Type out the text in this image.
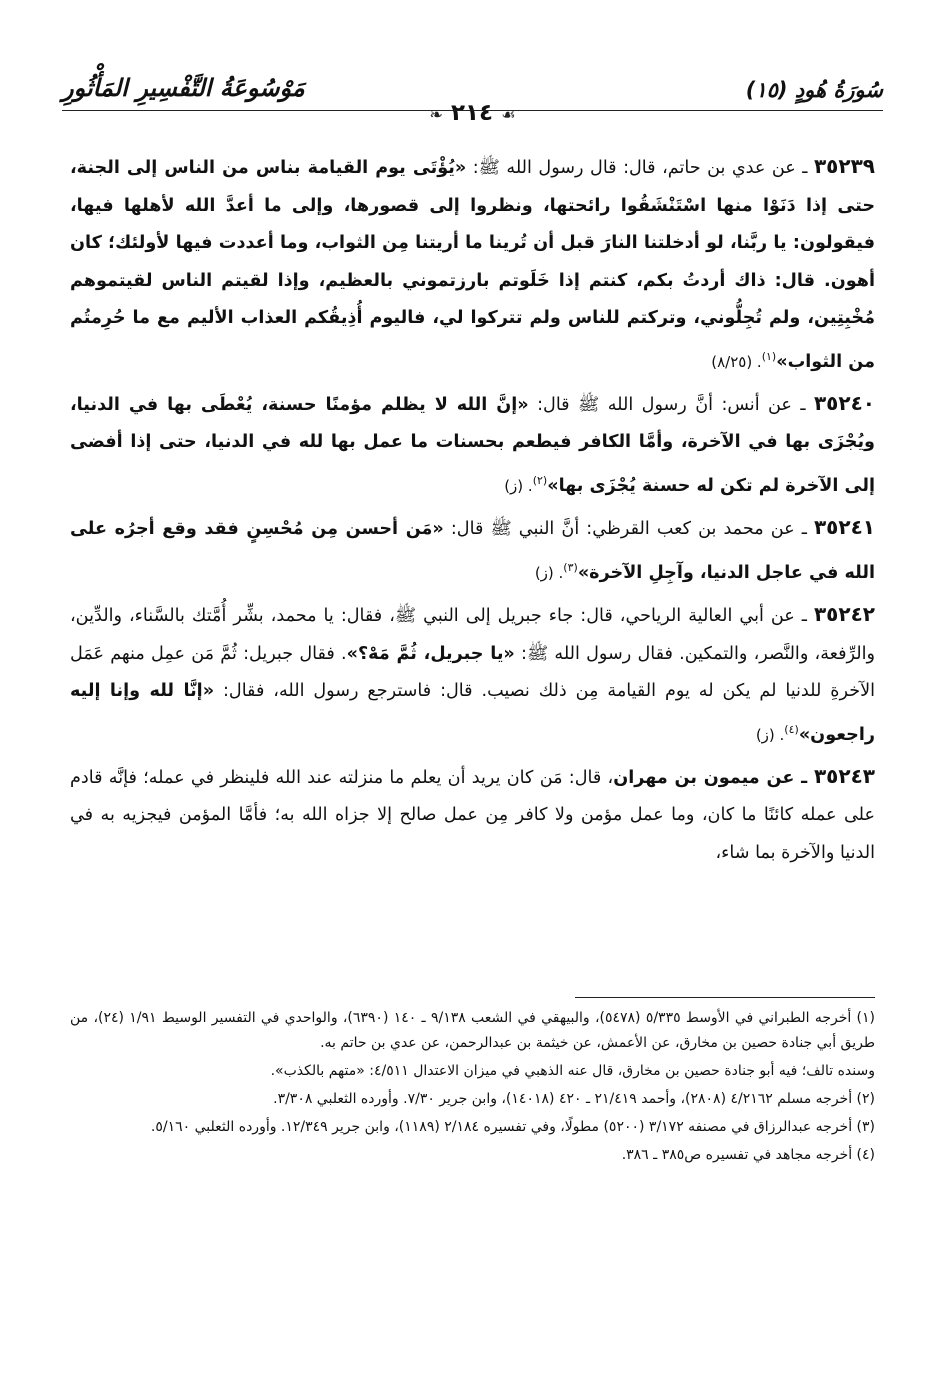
سُورَةُ هُودٍ (١٥)
مَوْسُوعَةُ التَّفْسِيرِ المَأْثُورِ
☙ ٢١٤ ❧

٣٥٢٣٩ ـ عن عدي بن حاتم، قال: قال رسول الله ﷺ: «يُؤْتَى يوم القيامة بناس من الناس إلى الجنة، حتى إذا دَنَوْا منها اسْتَنْشَقُوا رائحتها، ونظروا إلى قصورها، وإلى ما أعدَّ الله لأهلها فيها، فيقولون: يا ربَّنا، لو أدخلتنا النارَ قبل أن تُرينا ما أريتنا مِن الثواب، وما أعددت فيها لأولئك؛ كان أهون. قال: ذاك أردتُ بكم، كنتم إذا خَلَوتم بارزتموني بالعظيم، وإذا لقيتم الناس لقيتموهم مُخْبِتِين، ولم تُجِلُّوني، وتركتم للناس ولم تتركوا لي، فاليوم أُذِيقُكم العذاب الأليم مع ما حُرِمتُم من الثواب»$^{(١)}$. (٨/٢٥)

٣٥٢٤٠ ـ عن أنس: أنَّ رسول الله ﷺ قال: «إنَّ الله لا يظلم مؤمنًا حسنة، يُعْطَى بها في الدنيا، ويُجْزَى بها في الآخرة، وأمَّا الكافر فيطعم بحسنات ما عمل بها لله في الدنيا، حتى إذا أفضى إلى الآخرة لم تكن له حسنة يُجْزَى بها»$^{(٢)}$. (ز)

٣٥٢٤١ ـ عن محمد بن كعب القرظي: أنَّ النبي ﷺ قال: «مَن أحسن مِن مُحْسِنٍ فقد وقع أجرُه على الله في عاجل الدنيا، وآجِلِ الآخرة»$^{(٣)}$. (ز)

٣٥٢٤٢ ـ عن أبي العالية الرياحي، قال: جاء جبريل إلى النبي ﷺ، فقال: يا محمد، بشِّر أُمَّتك بالسَّناء، والدِّين، والرِّفعة، والنَّصر، والتمكين. فقال رسول الله ﷺ: «يا جبريل، ثُمَّ مَهْ؟». فقال جبريل: ثُمَّ مَن عمِل منهم عَمَل الآخرةِ للدنيا لم يكن له يوم القيامة مِن ذلك نصيب. قال: فاسترجع رسول الله، فقال: «إنَّا لله وإنا إليه راجعون»$^{(٤)}$. (ز)

٣٥٢٤٣ ـ عن ميمون بن مهران، قال: مَن كان يريد أن يعلم ما منزلته عند الله فلينظر في عمله؛ فإنَّه قادم على عمله كائنًا ما كان، وما عمل مؤمن ولا كافر مِن عمل صالح إلا جزاه الله به؛ فأمَّا المؤمن فيجزيه به في الدنيا والآخرة بما شاء،

(١) أخرجه الطبراني في الأوسط ٥/٣٣٥ (٥٤٧٨)، والبيهقي في الشعب ٩/١٣٨ ـ ١٤٠ (٦٣٩٠)، والواحدي في التفسير الوسيط ١/٩١ (٢٤)، من طريق أبي جنادة حصين بن مخارق، عن الأعمش، عن خيثمة بن عبدالرحمن، عن عدي بن حاتم به.

وسنده تالف؛ فيه أبو جنادة حصين بن مخارق، قال عنه الذهبي في ميزان الاعتدال ٤/٥١١: «متهم بالكذب».

(٢) أخرجه مسلم ٤/٢١٦٢ (٢٨٠٨)، وأحمد ٢١/٤١٩ ـ ٤٢٠ (١٤٠١٨)، وابن جرير ٧/٣٠. وأورده الثعلبي ٣/٣٠٨.

(٣) أخرجه عبدالرزاق في مصنفه ٣/١٧٢ (٥٢٠٠) مطولًا، وفي تفسيره ٢/١٨٤ (١١٨٩)، وابن جرير ١٢/٣٤٩. وأورده الثعلبي ٥/١٦٠.

(٤) أخرجه مجاهد في تفسيره ص٣٨٥ ـ ٣٨٦.
